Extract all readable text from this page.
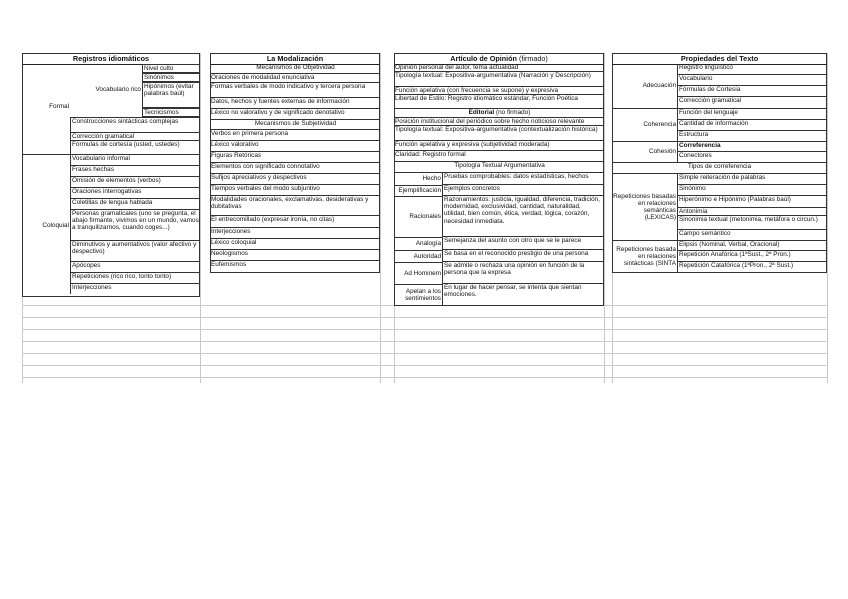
Registros idiomáticos
Formal
Vocabulario rico
Nivel culto
Sinónimos
Hipónimos (evitar palabras baúl)
Tecnicismos
Construcciones sintácticas complejas
Corrección gramatical
Fórmulas de cortesía (usted, ustedes)
Coloquial
Vocabulario informal
Frases hechas
Omisión de elementos (verbos)
Oraciones interrogativas
Coletillas de lengua hablada
Personas gramaticales (uno se pregunta, el abajo firmante, vivimos en un mundo, vamos a tranquilizarnos, cuando coges...)
Diminutivos y aumentativos (valor afectivo y despectivo)
Apócopes
Repeticiones (rico rico, tonto tonto)
Interjecciones
La Modalización
Mecanismos de Objetividad
Oraciones de modalidad enunciativa
Formas verbales de modo indicativo y tercera persona
Datos, hechos y fuentes externas de información
Léxico no valorativo y de significado denotativo
Mecanismos de Subjetividad
Verbos en primera persona
Léxico valorativo
Figuras Retóricas
Elementos con significado connotativo
Sufijos apreciativos y despectivos
Tiempos verbales del modo subjuntivo
Modalidades oracionales, exclamativas, desiderativas y dubitativas
El entrecomillado (expresar ironía, no citas)
Interjecciones
Léxico coloquial
Neologismos
Eufemismos
Artículo de Opinión (firmado)
Opinión personal del autor, tema actualidad
Tipología textual: Expositiva-argumentativa (Narración y Descripción)
Función apelativa (con frecuencia se supone) y expresiva
Libertad de Estilo: Registro idiomático estándar, Función Poética
Editorial (no firmado)
Posición institucional del periódico sobre hecho noticioso relevante
Tipología textual: Expositiva-argumentativa (contextualización histórica)
Función apelativa y expresiva (subjetividad moderada)
Claridad: Registro formal
Tipología Textual Argumentativa
Hecho Pruebas comprobables: datos estadísticas, hechos
Ejemplificación Ejemplos concretos
Racionales
Razonamientos: justicia, igualdad, diferencia, tradición, modernidad, exclusividad, cantidad, naturalidad, utilidad, bien común, ética, verdad, lógica, corazón, necesidad inmediata.
Analogía Semejanza del asunto con otro que se le parece
Autoridad Se basa en el reconocido prestigio de una persona
Ad Hominem
Se admite o rechaza una opinión en función de la persona que la expresa
Apelan a los sentimientos
En lugar de hacer pensar, se intenta que sientan emociones.
Propiedades del Texto
Adecuación
Registro lingüístico
Vocabulario
Fórmulas de Cortesía
Corrección gramatical
Coherencia
Función del lenguaje
Cantidad de información
Estructura
Cohesión
Correferencia
Conectores
Tipos de correferencia
Repeticiones basadas en relaciones semánticas (LEXICAS)
Simple reiteración de palabras
Sinónimo
Hiperónimo e Hipónimo (Palabras baúl)
Antonimia
Sinonimia textual (metonimia, metáfora o circun.)
Campo semántico
Repeticiones basada en relaciones sintácticas (SINTA
Elipsis (Nominal, Verbal, Oracional)
Repetición Anafórica (1ªSust., 2ª Pron.)
Repetición Catafórica (1ªPron., 2ª Sust.)
